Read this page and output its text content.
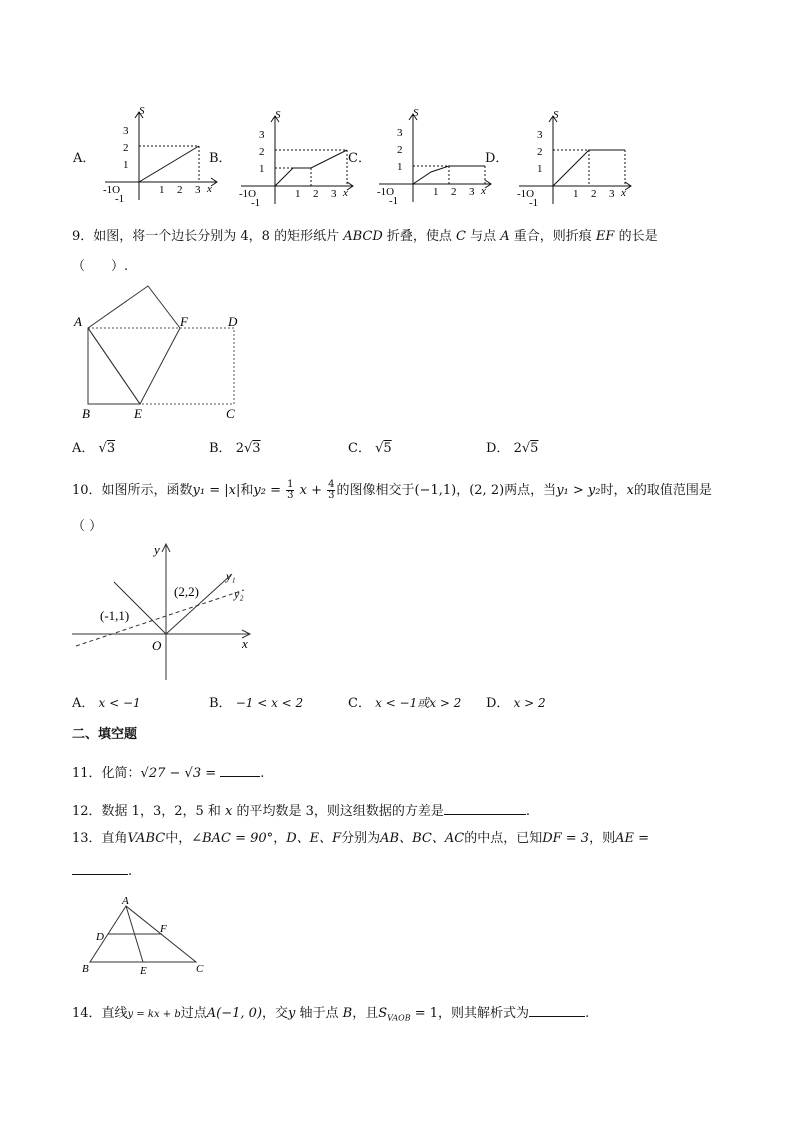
A．
S
3
2
1
-1O
-1
1 2 3 x
B．
S
3
2
1
-1O
-1
1 2 3 x
C．
S
3
2
1
-1O
-1
1 2 3 x
D．
S
3
2
1
-1O
-1
1 2 3 x
9．如图，将一个边长分别为 4，8 的矩形纸片 ABCD 折叠，使点 C 与点 A 重合，则折痕 EF 的长是
（　　）.
A
B	C
D
E
F
A． √3	B． 2√3	C． √5	D． 2√5
10．如图所示，函数y₁ = |x|和$y_2 = \frac{1}{3}$ $x + \frac{4}{3}$ 的图像相交于(−1,1)，(2, 2)两点，当y₁ > y₂时，x的取值范围是
（ ）
y
x
O
y₁
y₂
(-1,1)
(2,2)
A． x < −1	B． −1 < x < 2	C． x < −1或x > 2 D． x > 2
二、填空题
11．化简：√27 − √3 =	.
12．数据 1，3，2，5 和 x 的平均数是 3，则这组数据的方差是	.
13．直角VABC中，∠BAC = 90°，D、E、F分别为AB、BC、AC的中点，已知DF = 3，则AE =
.
A
B	C
D
E
F
14．直线y = kx + b过点A(−1, 0)，交y 轴于点 B，且$S_{VAOB} = 1$，则其解析式为	.
